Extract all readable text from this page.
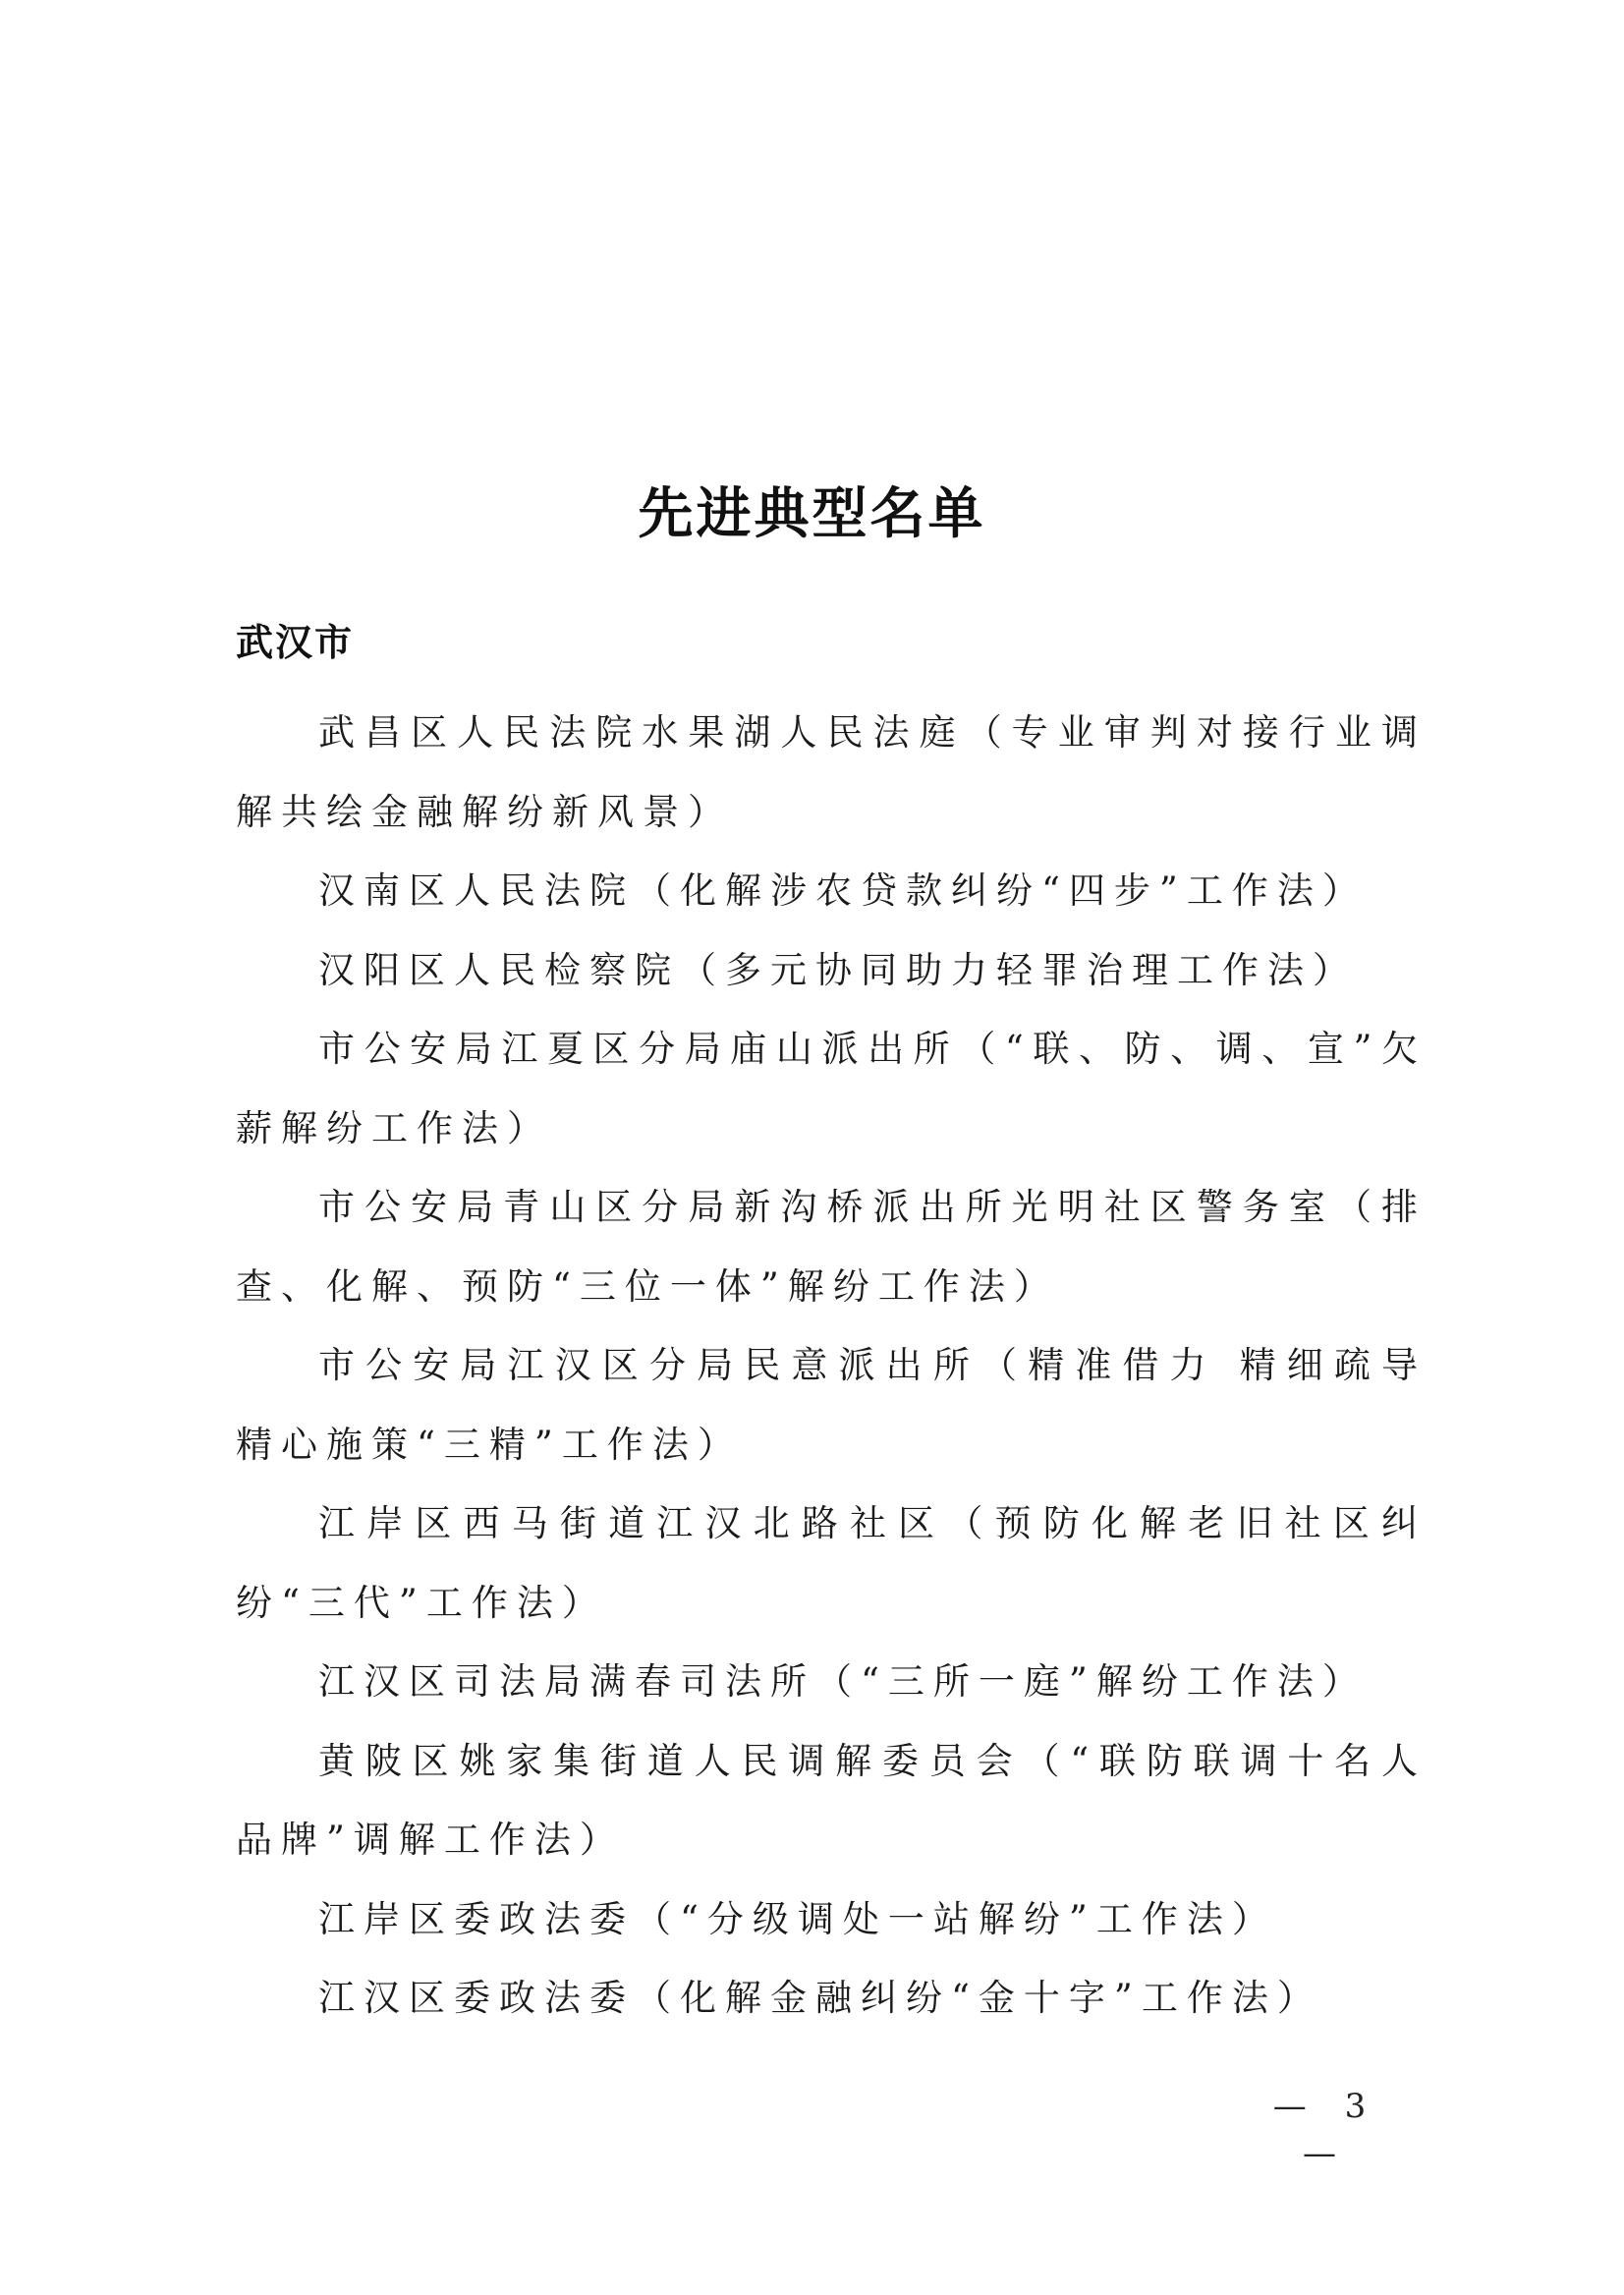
先进典型名单
武汉市
武昌区人民法院水果湖人民法庭（专业审判对接行业调解共绘金融解纷新风景）
汉南区人民法院（化解涉农贷款纠纷“四步”工作法）
汉阳区人民检察院（多元协同助力轻罪治理工作法）
市公安局江夏区分局庙山派出所（“联、防、调、宣”欠薪解纷工作法）
市公安局青山区分局新沟桥派出所光明社区警务室（排查、化解、预防“三位一体”解纷工作法）
市公安局江汉区分局民意派出所（精准借力 精细疏导 精心施策“三精”工作法）
江岸区西马街道江汉北路社区（预防化解老旧社区纠纷“三代”工作法）
江汉区司法局满春司法所（“三所一庭”解纷工作法）
黄陂区姚家集街道人民调解委员会（“联防联调十名人品牌”调解工作法）
江岸区委政法委（“分级调处一站解纷”工作法）
江汉区委政法委（化解金融纠纷“金十字”工作法）
— 3 —
